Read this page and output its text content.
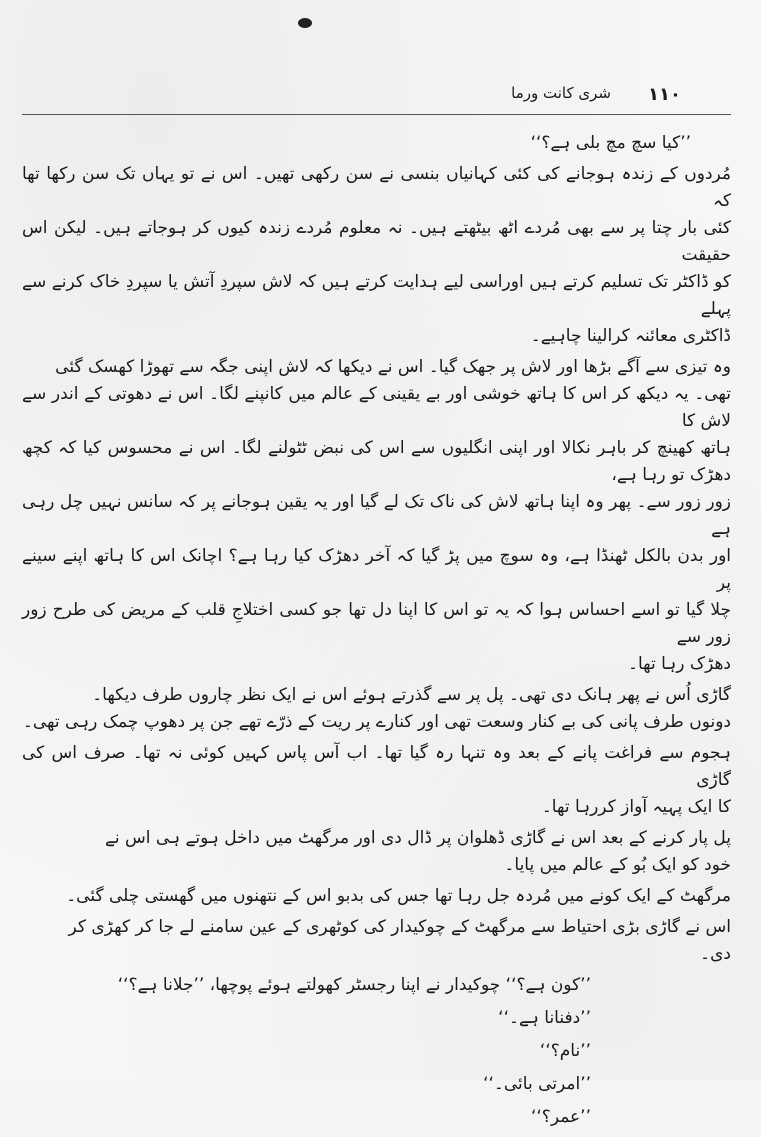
۱۱۰
شری کانت ورما

’’کیا سچ مچ بلی ہے؟‘‘

مُردوں کے زندہ ہوجانے کی کئی کہانیاں بنسی نے سن رکھی تھیں۔ اس نے تو یہاں تک سن رکھا تھا کہ
کئی بار چتا پر سے بھی مُردے اٹھ بیٹھتے ہیں۔ نہ معلوم مُردے زندہ کیوں کر ہوجاتے ہیں۔ لیکن اس حقیقت
کو ڈاکٹر تک تسلیم کرتے ہیں اوراسی لیے ہدایت کرتے ہیں کہ لاش سپردِ آتش یا سپردِ خاک کرنے سے پہلے
ڈاکٹری معائنہ کرالینا چاہیے۔

وہ تیزی سے آگے بڑھا اور لاش پر جھک گیا۔ اس نے دیکھا کہ لاش اپنی جگہ سے تھوڑا کھسک گئی
تھی۔ یہ دیکھ کر اس کا ہاتھ خوشی اور بے یقینی کے عالم میں کانپنے لگا۔ اس نے دھوتی کے اندر سے لاش کا
ہاتھ کھینچ کر باہر نکالا اور اپنی انگلیوں سے اس کی نبض ٹٹولنے لگا۔ اس نے محسوس کیا کہ کچھ دھڑک تو رہا ہے،
زور زور سے۔ پھر وہ اپنا ہاتھ لاش کی ناک تک لے گیا اور یہ یقین ہوجانے پر کہ سانس نہیں چل رہی ہے
اور بدن بالکل ٹھنڈا ہے، وہ سوچ میں پڑ گیا کہ آخر دھڑک کیا رہا ہے؟ اچانک اس کا ہاتھ اپنے سینے پر
چلا گیا تو اسے احساس ہوا کہ یہ تو اس کا اپنا دل تھا جو کسی اختلاجِ قلب کے مریض کی طرح زور زور سے
دھڑک رہا تھا۔

گاڑی اُس نے پھر ہانک دی تھی۔ پل پر سے گذرتے ہوئے اس نے ایک نظر چاروں طرف دیکھا۔
دونوں طرف پانی کی بے کنار وسعت تھی اور کنارے پر ریت کے ذرّے تھے جن پر دھوپ چمک رہی تھی۔

ہجوم سے فراغت پانے کے بعد وہ تنہا رہ گیا تھا۔ اب آس پاس کہیں کوئی نہ تھا۔ صرف اس کی گاڑی
کا ایک پہیہ آواز کررہا تھا۔

پل پار کرنے کے بعد اس نے گاڑی ڈھلوان پر ڈال دی اور مرگھٹ میں داخل ہوتے ہی اس نے
خود کو ایک بُو کے عالم میں پایا۔

مرگھٹ کے ایک کونے میں مُردہ جل رہا تھا جس کی بدبو اس کے نتھنوں میں گھستی چلی گئی۔

اس نے گاڑی بڑی احتیاط سے مرگھٹ کے چوکیدار کی کوٹھری کے عین سامنے لے جا کر کھڑی کر
دی۔

’’کون ہے؟‘‘ چوکیدار نے اپنا رجسٹر کھولتے ہوئے پوچھا، ’’جلانا ہے؟‘‘

’’دفنانا ہے۔‘‘

’’نام؟‘‘

’’امرتی بائی۔‘‘

’’عمر؟‘‘
